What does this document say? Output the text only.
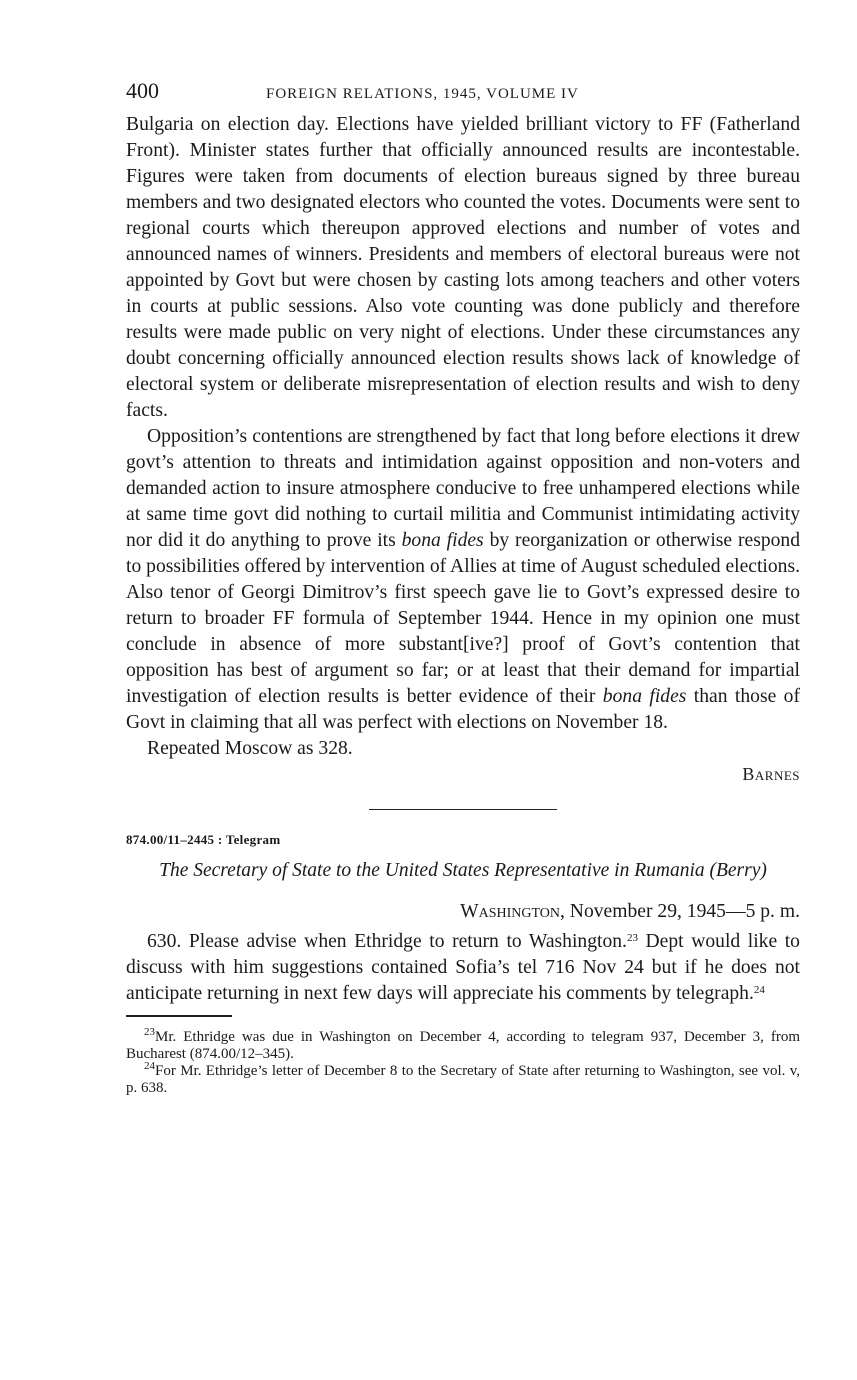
400	FOREIGN RELATIONS, 1945, VOLUME IV

Bulgaria on election day. Elections have yielded brilliant victory to FF (Fatherland Front). Minister states further that officially announced results are incontestable. Figures were taken from documents of election bureaus signed by three bureau members and two designated electors who counted the votes. Documents were sent to regional courts which thereupon approved elections and number of votes and announced names of winners. Presidents and members of electoral bureaus were not appointed by Govt but were chosen by casting lots among teachers and other voters in courts at public sessions. Also vote counting was done publicly and therefore results were made public on very night of elections. Under these circumstances any doubt concerning officially announced election results shows lack of knowledge of electoral system or deliberate misrepresentation of election results and wish to deny facts.

Opposition’s contentions are strengthened by fact that long before elections it drew govt’s attention to threats and intimidation against opposition and non-voters and demanded action to insure atmosphere conducive to free unhampered elections while at same time govt did nothing to curtail militia and Communist intimidating activity nor did it do anything to prove its bona fides by reorganization or otherwise respond to possibilities offered by intervention of Allies at time of August scheduled elections. Also tenor of Georgi Dimitrov’s first speech gave lie to Govt’s expressed desire to return to broader FF formula of September 1944. Hence in my opinion one must conclude in absence of more substant[ive?] proof of Govt’s contention that opposition has best of argument so far; or at least that their demand for impartial investigation of election results is better evidence of their bona fides than those of Govt in claiming that all was perfect with elections on November 18.

Repeated Moscow as 328.

Barnes
874.00/11–2445 : Telegram
The Secretary of State to the United States Representative in Rumania (Berry)
Washington, November 29, 1945—5 p. m.

630. Please advise when Ethridge to return to Washington.$^{23}$ Dept would like to discuss with him suggestions contained Sofia’s tel 716 Nov 24 but if he does not anticipate returning in next few days will appreciate his comments by telegraph.$^{24}$

$^{23}$Mr. Ethridge was due in Washington on December 4, according to telegram 937, December 3, from Bucharest (874.00/12–345).

$^{24}$For Mr. Ethridge’s letter of December 8 to the Secretary of State after returning to Washington, see vol. v, p. 638.
